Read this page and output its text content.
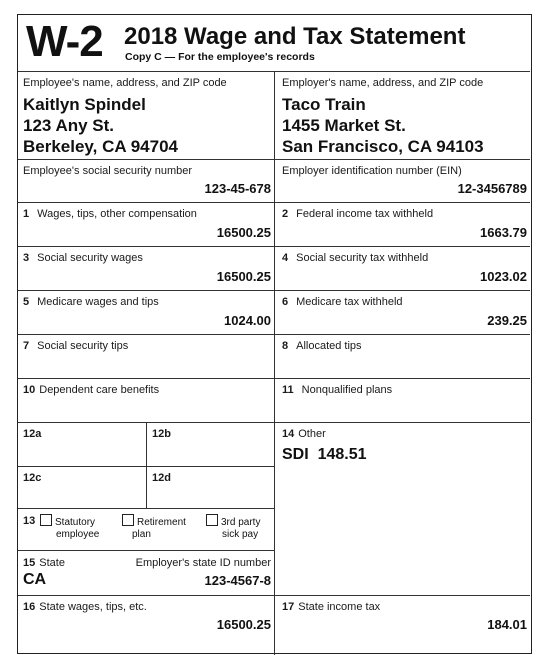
W-2 2018 Wage and Tax Statement
Copy C — For the employee's records
Employee's name, address, and ZIP code
Kaitlyn Spindel
123 Any St.
Berkeley, CA 94704
Employer's name, address, and ZIP code
Taco Train
1455 Market St.
San Francisco, CA 94103
Employee's social security number
123-45-678
Employer identification number (EIN)
12-3456789
1 Wages, tips, other compensation
16500.25
2 Federal income tax withheld
1663.79
3 Social security wages
16500.25
4 Social security tax withheld
1023.02
5 Medicare wages and tips
1024.00
6 Medicare tax withheld
239.25
7 Social security tips	8 Allocated tips
10 Dependent care benefits	11 Nonqualified plans
12a	12b
12c	12d
14 Other
SDI 148.51
13	Statutory
employee
Retirement
plan
3rd party
sick pay
15 State	Employer's state ID number
CA	123-4567-8
16 State wages, tips, etc.
16500.25
17 State income tax
184.01
